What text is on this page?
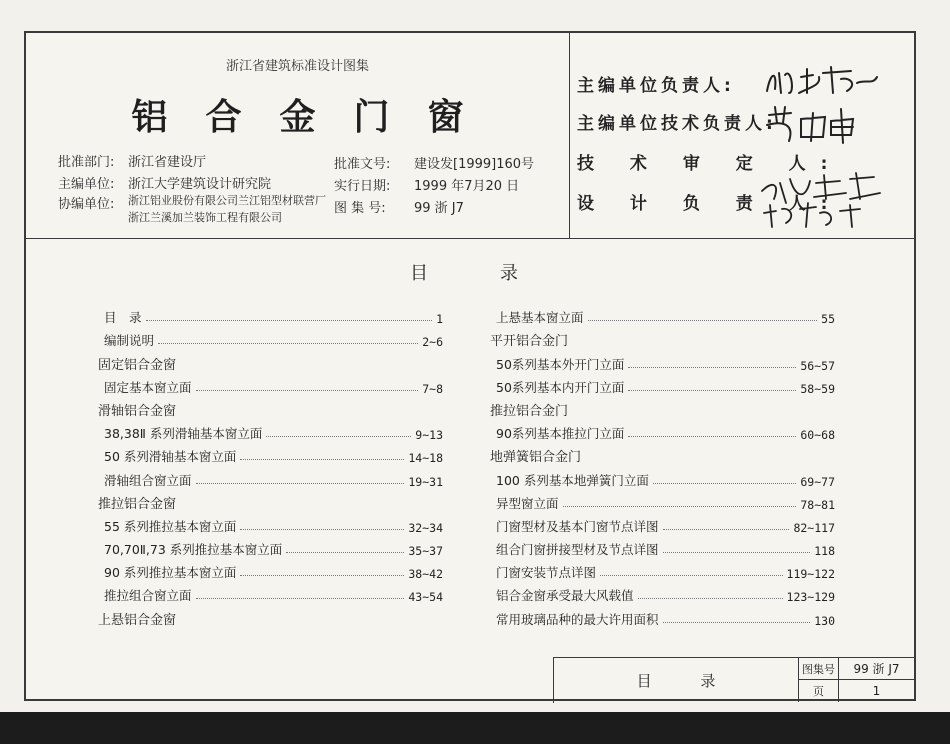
浙江省建筑标准设计图集
铝合金门窗
批准部门: 浙江省建设厅
主编单位: 浙江大学建筑设计研究院
协编单位: 浙江铝业股份有限公司兰江铝型材联营厂
浙江兰溪加兰装饰工程有限公司
批准文号: 建设发[1999]160号
实行日期: 1999 年7月20 日
图 集 号: 99 浙 J7
主编单位负责人:
主编单位技术负责人:
技 术 审 定 人:
设 计 负 责 人:
目	录
目　录	1
编制说明	2~6
固定铝合金窗
固定基本窗立面	7~8
滑轴铝合金窗
38,38Ⅱ 系列滑轴基本窗立面	9~13
50 系列滑轴基本窗立面	14~18
滑轴组合窗立面	19~31
推拉铝合金窗
55 系列推拉基本窗立面	32~34
70,70Ⅱ,73 系列推拉基本窗立面	35~37
90 系列推拉基本窗立面	38~42
推拉组合窗立面	43~54
上悬铝合金窗
上悬基本窗立面	55
平开铝合金门
50系列基本外开门立面	56~57
50系列基本内开门立面	58~59
推拉铝合金门
90系列基本推拉门立面	60~68
地弹簧铝合金门
100 系列基本地弹簧门立面	69~77
异型窗立面	78~81
门窗型材及基本门窗节点详图	82~117
组合门窗拼接型材及节点详图	118
门窗安装节点详图	119~122
铝合金窗承受最大风载值	123~129
常用玻璃品种的最大许用面积	130
目 录
图集号	99 浙 J7
页	1
